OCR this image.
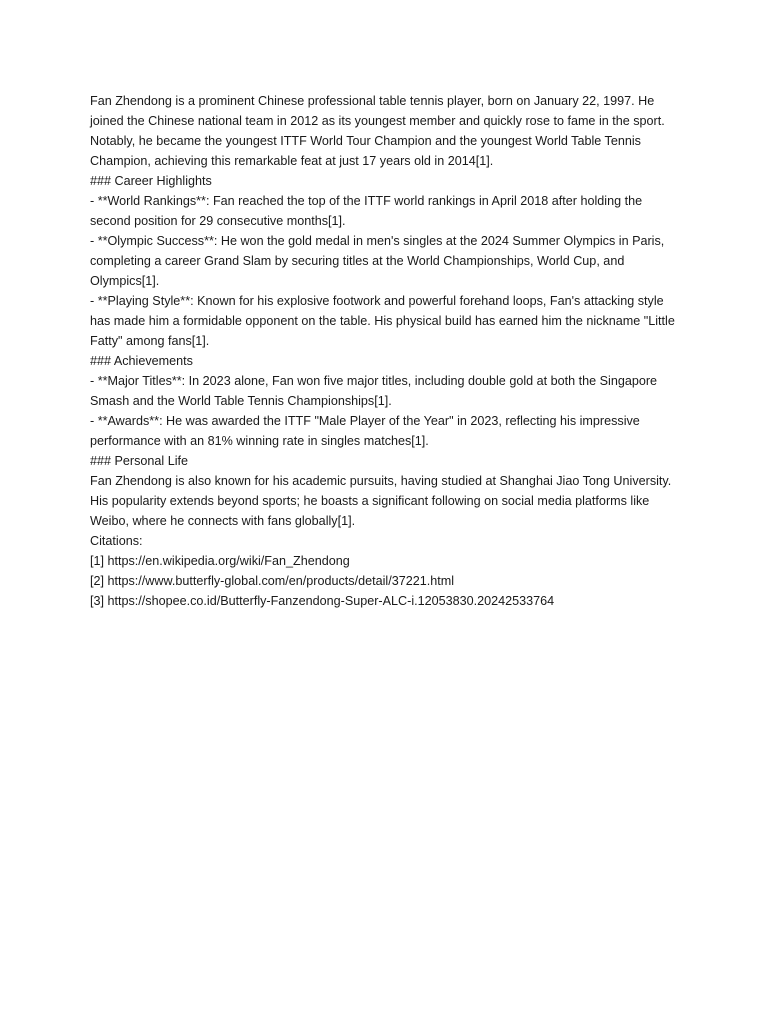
Fan Zhendong is a prominent Chinese professional table tennis player, born on January 22, 1997. He joined the Chinese national team in 2012 as its youngest member and quickly rose to fame in the sport. Notably, he became the youngest ITTF World Tour Champion and the youngest World Table Tennis Champion, achieving this remarkable feat at just 17 years old in 2014[1].

### Career Highlights

- **World Rankings**: Fan reached the top of the ITTF world rankings in April 2018 after holding the second position for 29 consecutive months[1].

- **Olympic Success**: He won the gold medal in men's singles at the 2024 Summer Olympics in Paris, completing a career Grand Slam by securing titles at the World Championships, World Cup, and Olympics[1].

- **Playing Style**: Known for his explosive footwork and powerful forehand loops, Fan's attacking style has made him a formidable opponent on the table. His physical build has earned him the nickname "Little Fatty" among fans[1].

### Achievements

- **Major Titles**: In 2023 alone, Fan won five major titles, including double gold at both the Singapore Smash and the World Table Tennis Championships[1].

- **Awards**: He was awarded the ITTF "Male Player of the Year" in 2023, reflecting his impressive performance with an 81% winning rate in singles matches[1].

### Personal Life

Fan Zhendong is also known for his academic pursuits, having studied at Shanghai Jiao Tong University. His popularity extends beyond sports; he boasts a significant following on social media platforms like Weibo, where he connects with fans globally[1].

Citations:

[1] https://en.wikipedia.org/wiki/Fan_Zhendong

[2] https://www.butterfly-global.com/en/products/detail/37221.html

[3] https://shopee.co.id/Butterfly-Fanzendong-Super-ALC-i.12053830.20242533764
